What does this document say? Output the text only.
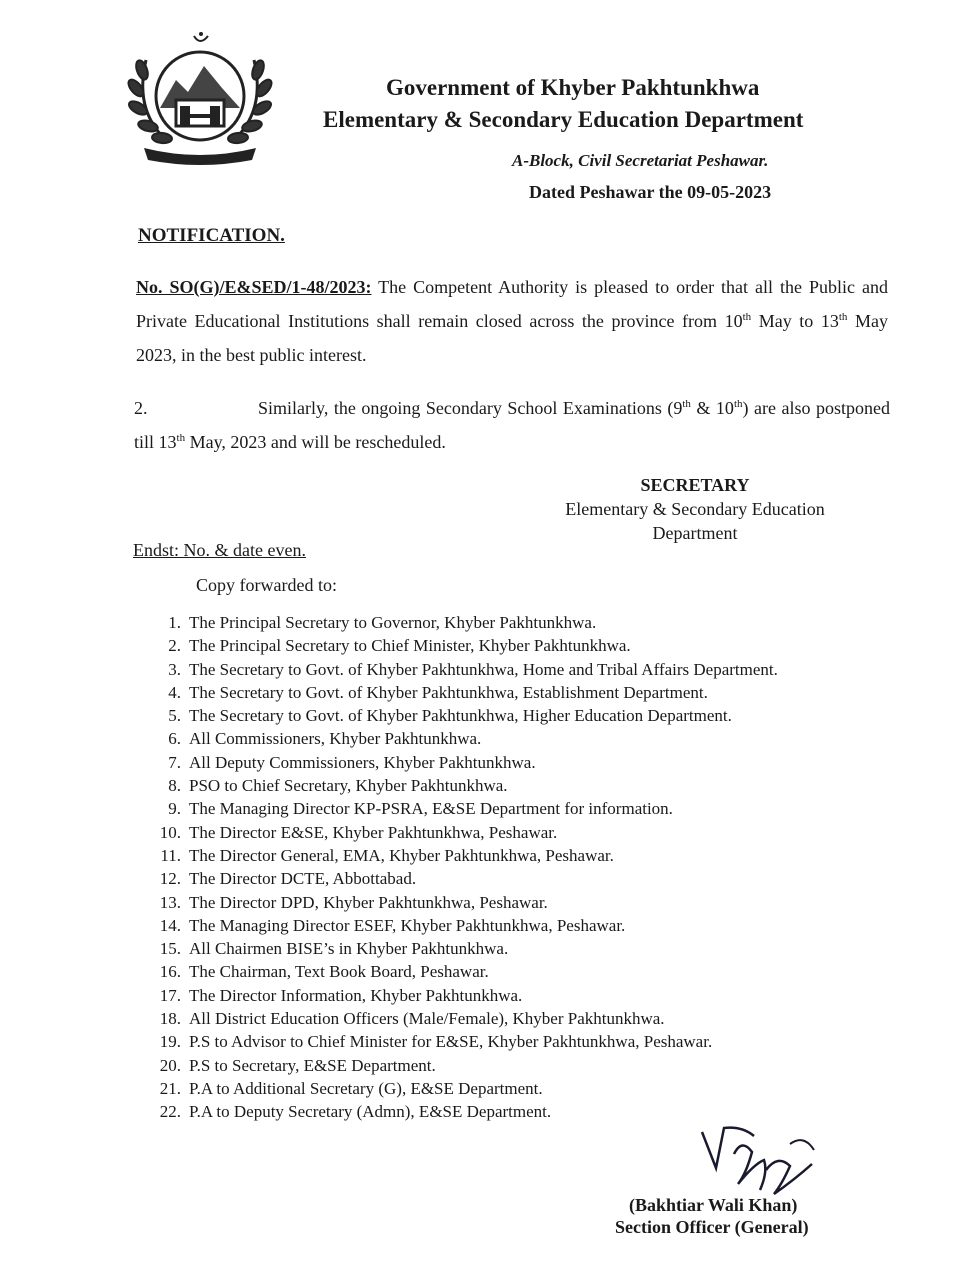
Government of Khyber Pakhtunkhwa
Elementary & Secondary Education Department
A-Block, Civil Secretariat Peshawar.
Dated Peshawar the 09-05-2023
NOTIFICATION.
No. SO(G)/E&SED/1-48/2023: The Competent Authority is pleased to order that all the Public and Private Educational Institutions shall remain closed across the province from 10th May to 13th May 2023, in the best public interest.
2.	Similarly, the ongoing Secondary School Examinations (9th & 10th) are also postponed till 13th May, 2023 and will be rescheduled.
SECRETARY
Elementary & Secondary Education
Department
Endst: No. & date even.
Copy forwarded to:
1. The Principal Secretary to Governor, Khyber Pakhtunkhwa.
2. The Principal Secretary to Chief Minister, Khyber Pakhtunkhwa.
3. The Secretary to Govt. of Khyber Pakhtunkhwa, Home and Tribal Affairs Department.
4. The Secretary to Govt. of Khyber Pakhtunkhwa, Establishment Department.
5. The Secretary to Govt. of Khyber Pakhtunkhwa, Higher Education Department.
6. All Commissioners, Khyber Pakhtunkhwa.
7. All Deputy Commissioners, Khyber Pakhtunkhwa.
8. PSO to Chief Secretary, Khyber Pakhtunkhwa.
9. The Managing Director KP-PSRA, E&SE Department for information.
10. The Director E&SE, Khyber Pakhtunkhwa, Peshawar.
11. The Director General, EMA, Khyber Pakhtunkhwa, Peshawar.
12. The Director DCTE, Abbottabad.
13. The Director DPD, Khyber Pakhtunkhwa, Peshawar.
14. The Managing Director ESEF, Khyber Pakhtunkhwa, Peshawar.
15. All Chairmen BISE’s in Khyber Pakhtunkhwa.
16. The Chairman, Text Book Board, Peshawar.
17. The Director Information, Khyber Pakhtunkhwa.
18. All District Education Officers (Male/Female), Khyber Pakhtunkhwa.
19. P.S to Advisor to Chief Minister for E&SE, Khyber Pakhtunkhwa, Peshawar.
20. P.S to Secretary, E&SE Department.
21. P.A to Additional Secretary (G), E&SE Department.
22. P.A to Deputy Secretary (Admn), E&SE Department.
(Bakhtiar Wali Khan)
Section Officer (General)
